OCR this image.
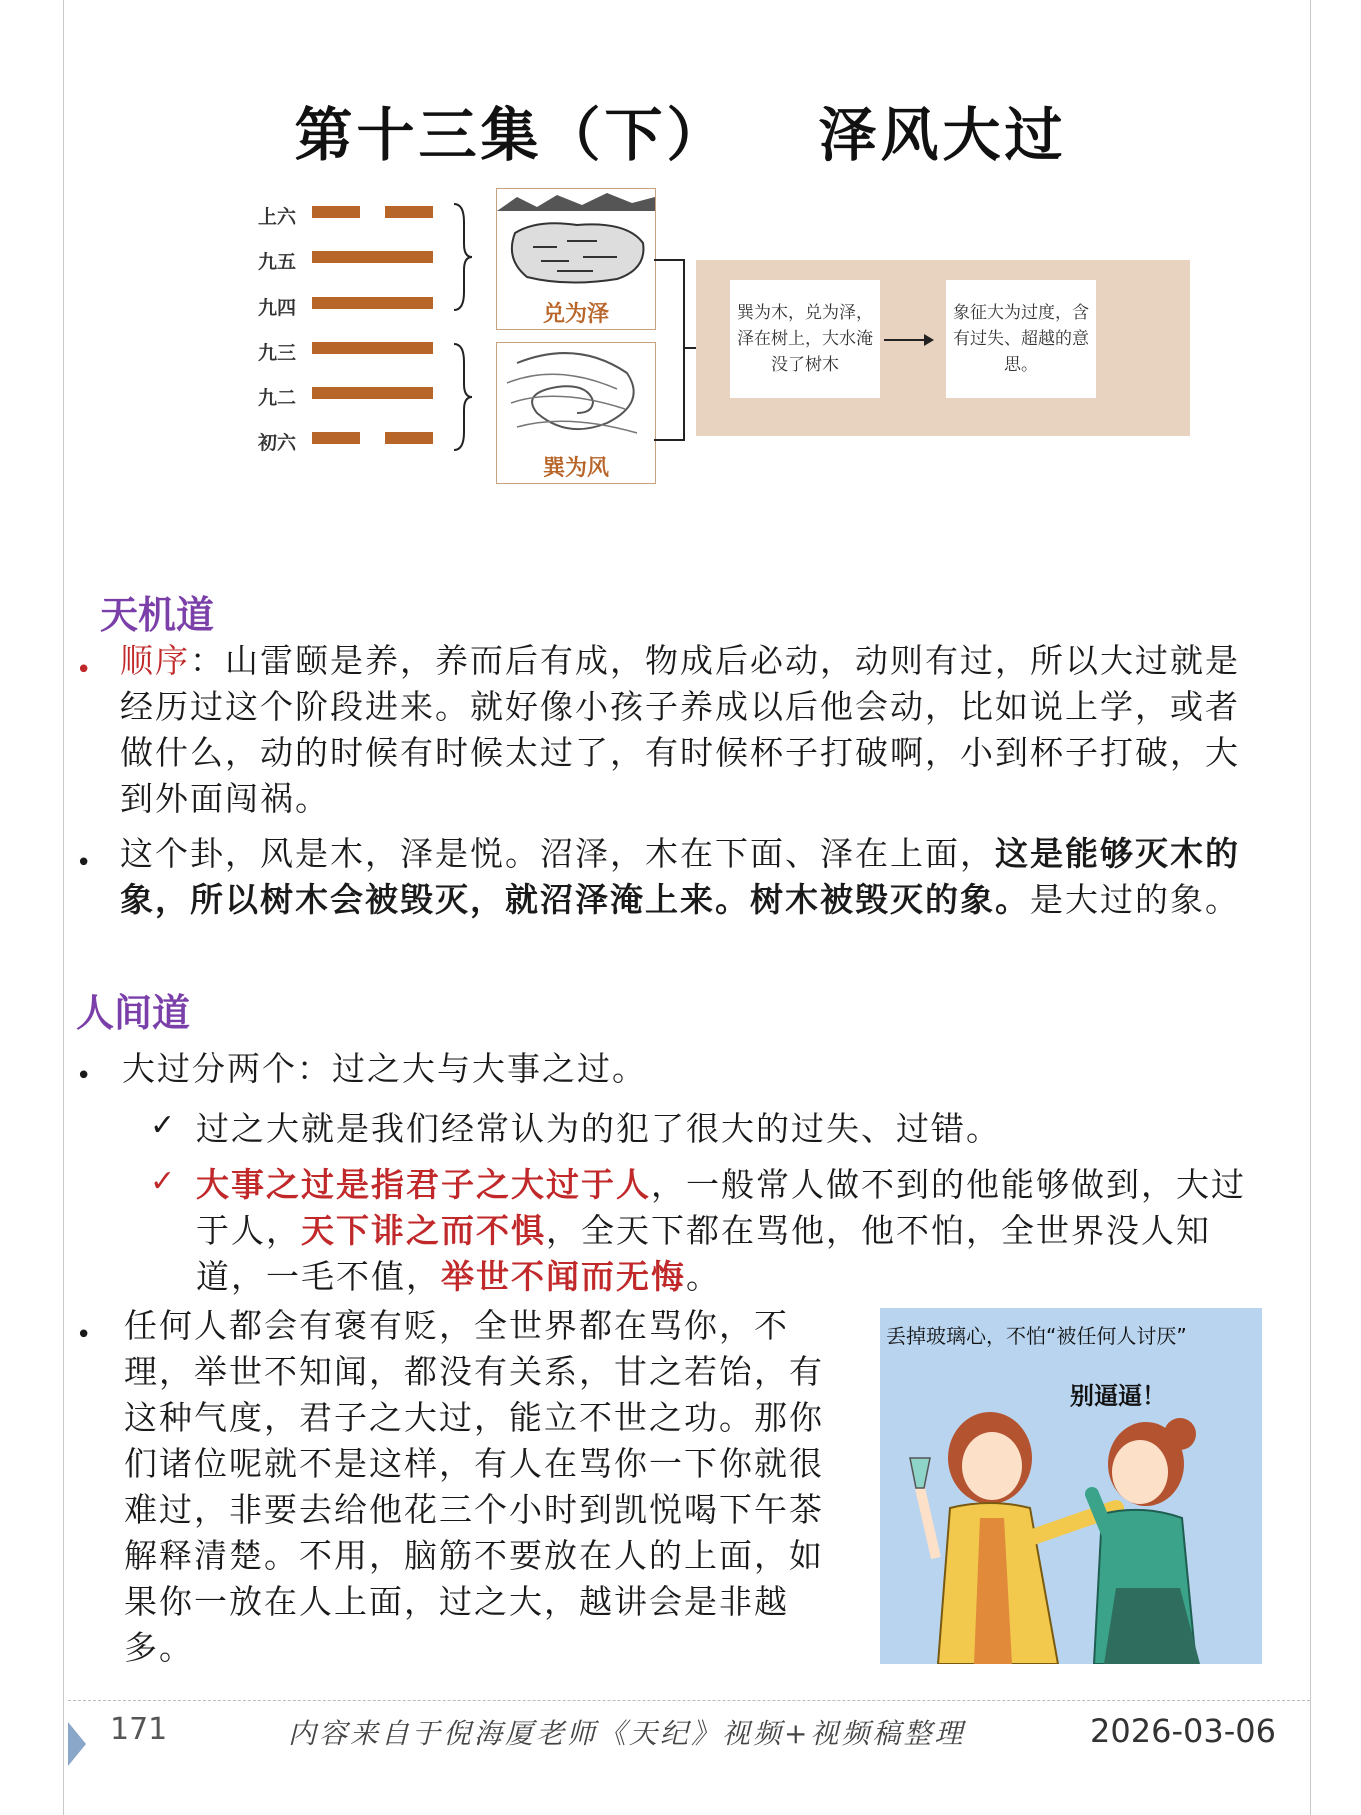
第十三集（下） 泽风大过
上六
九五
九四
九三
九二
初六
兑为泽
巽为风
巽为木，兑为泽，泽在树上，大水淹没了树木
象征大为过度，含有过失、超越的意思。
天机道
• 顺序：山雷颐是养，养而后有成，物成后必动，动则有过，所以大过就是经历过这个阶段进来。就好像小孩子养成以后他会动，比如说上学，或者做什么，动的时候有时候太过了，有时候杯子打破啊，小到杯子打破，大到外面闯祸。
• 这个卦，风是木，泽是悦。沼泽，木在下面、泽在上面，这是能够灭木的象，所以树木会被毁灭，就沼泽淹上来。树木被毁灭的象。是大过的象。
人间道
• 大过分两个：过之大与大事之过。
✓ 过之大就是我们经常认为的犯了很大的过失、过错。
✓ 大事之过是指君子之大过于人，一般常人做不到的他能够做到，大过于人，天下诽之而不惧，全天下都在骂他，他不怕，全世界没人知道，一毛不值，举世不闻而无悔。
• 任何人都会有褒有贬，全世界都在骂你，不理，举世不知闻，都没有关系，甘之若饴，有这种气度，君子之大过，能立不世之功。那你们诸位呢就不是这样，有人在骂你一下你就很难过，非要去给他花三个小时到凯悦喝下午茶解释清楚。不用，脑筋不要放在人的上面，如果你一放在人上面，过之大，越讲会是非越多。
丢掉玻璃心，不怕“被任何人讨厌”
别逼逼！
171	内容来自于倪海厦老师《天纪》视频+视频稿整理	2026-03-06
